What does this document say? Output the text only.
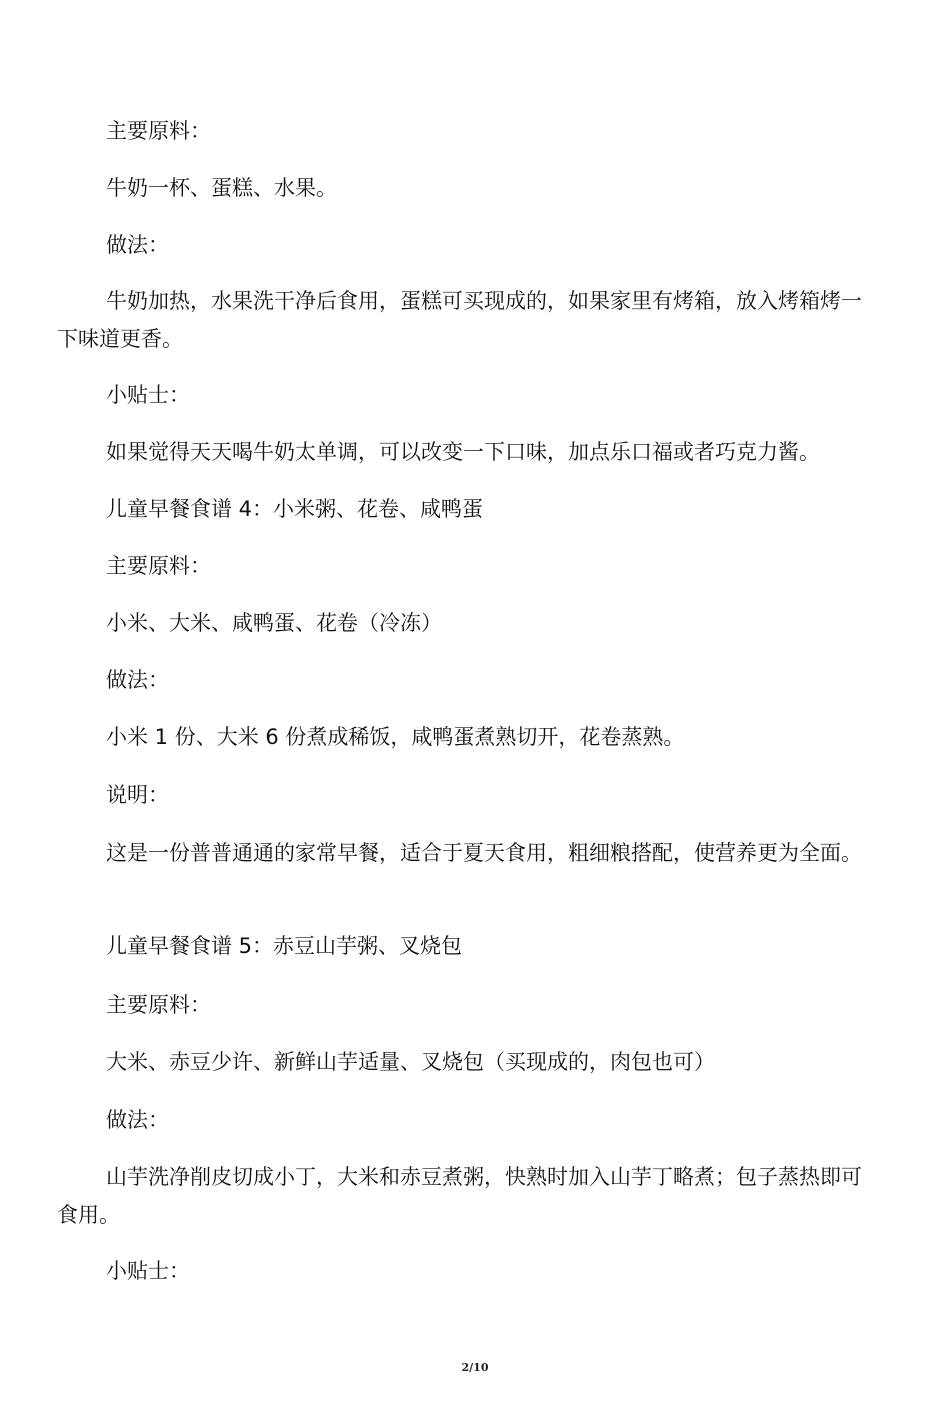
主要原料：

牛奶一杯、蛋糕、水果。

做法：

牛奶加热，水果洗干净后食用，蛋糕可买现成的，如果家里有烤箱，放入烤箱烤一下味道更香。

小贴士：

如果觉得天天喝牛奶太单调，可以改变一下口味，加点乐口福或者巧克力酱。

儿童早餐食谱 4：小米粥、花卷、咸鸭蛋

主要原料：

小米、大米、咸鸭蛋、花卷（冷冻）

做法：

小米 1 份、大米 6 份煮成稀饭，咸鸭蛋煮熟切开，花卷蒸熟。

说明：

这是一份普普通通的家常早餐，适合于夏天食用，粗细粮搭配，使营养更为全面。

儿童早餐食谱 5：赤豆山芋粥、叉烧包

主要原料：

大米、赤豆少许、新鲜山芋适量、叉烧包（买现成的，肉包也可）

做法：

山芋洗净削皮切成小丁，大米和赤豆煮粥，快熟时加入山芋丁略煮；包子蒸热即可食用。

小贴士：

2/10
